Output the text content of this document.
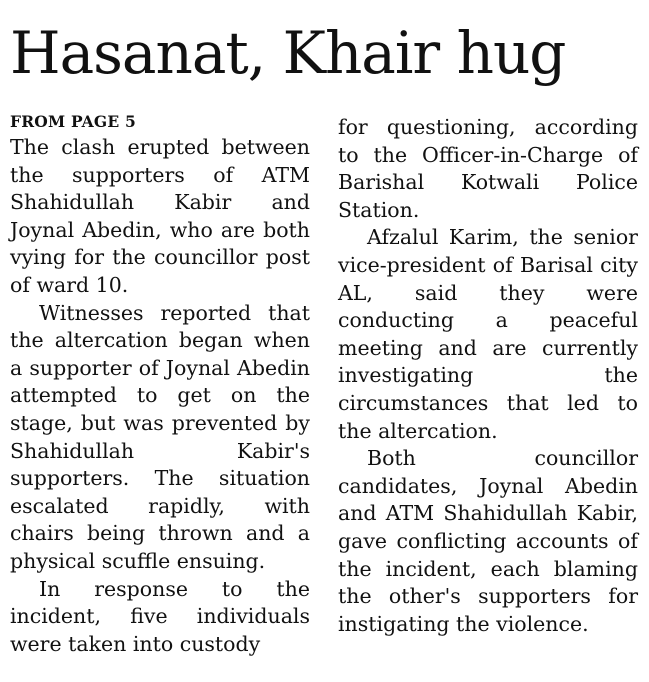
Hasanat, Khair hug
FROM PAGE 5

The clash erupted between the supporters of ATM Shahidullah Kabir and Joynal Abedin, who are both vying for the councillor post of ward 10.

Witnesses reported that the altercation began when a supporter of Joynal Abedin attempted to get on the stage, but was prevented by Shahidullah Kabir's supporters. The situation escalated rapidly, with chairs being thrown and a physical scuffle ensuing.

In response to the incident, five individuals were taken into custody

for questioning, according to the Officer-in-Charge of Barishal Kotwali Police Station.

Afzalul Karim, the senior vice-president of Barisal city AL, said they were conducting a peaceful meeting and are currently investigating the circumstances that led to the altercation.

Both councillor candidates, Joynal Abedin and ATM Shahidullah Kabir, gave conflicting accounts of the incident, each blaming the other's supporters for instigating the violence.
